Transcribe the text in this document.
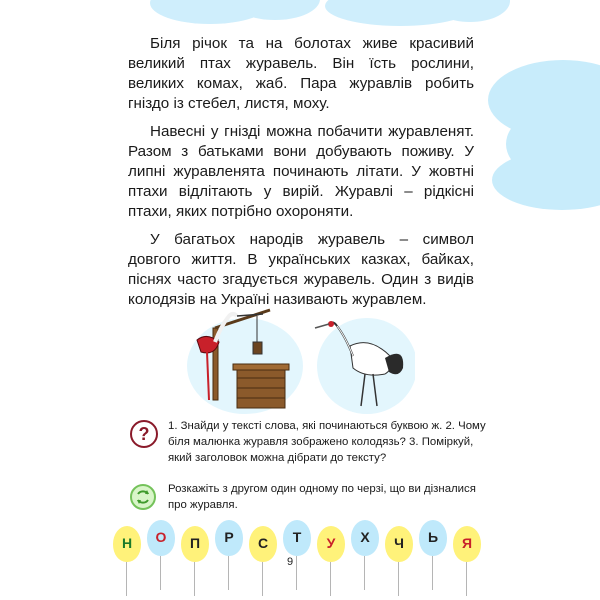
Біля річок та на болотах живе красивий великий птах журавель. Він їсть рослини, великих комах, жаб. Пара журавлів робить гніздо із стебел, листя, моху.

Навесні у гнізді можна побачити журавленят. Разом з батьками вони добувають поживу. У липні журавленята починають літати. У жовтні птахи відлітають у вирій. Журавлі – рідкісні птахи, яких потрібно охороняти.

У багатьох народів журавель – символ довгого життя. В українських казках, байках, піснях часто згадується журавель. Один з видів колодязів на Україні називають журавлем.

?	1. Знайди у тексті слова, які починаються буквою ж. 2. Чому біля малюнка журавля зображено колодязь? 3. Поміркуй, який заголовок можна дібрати до тексту?
Розкажіть з другом один одному по черзі, що ви дізналися про журавля.
Н	О	П	Р	С	Т	У	Х	Ч	Ь	Я
9
